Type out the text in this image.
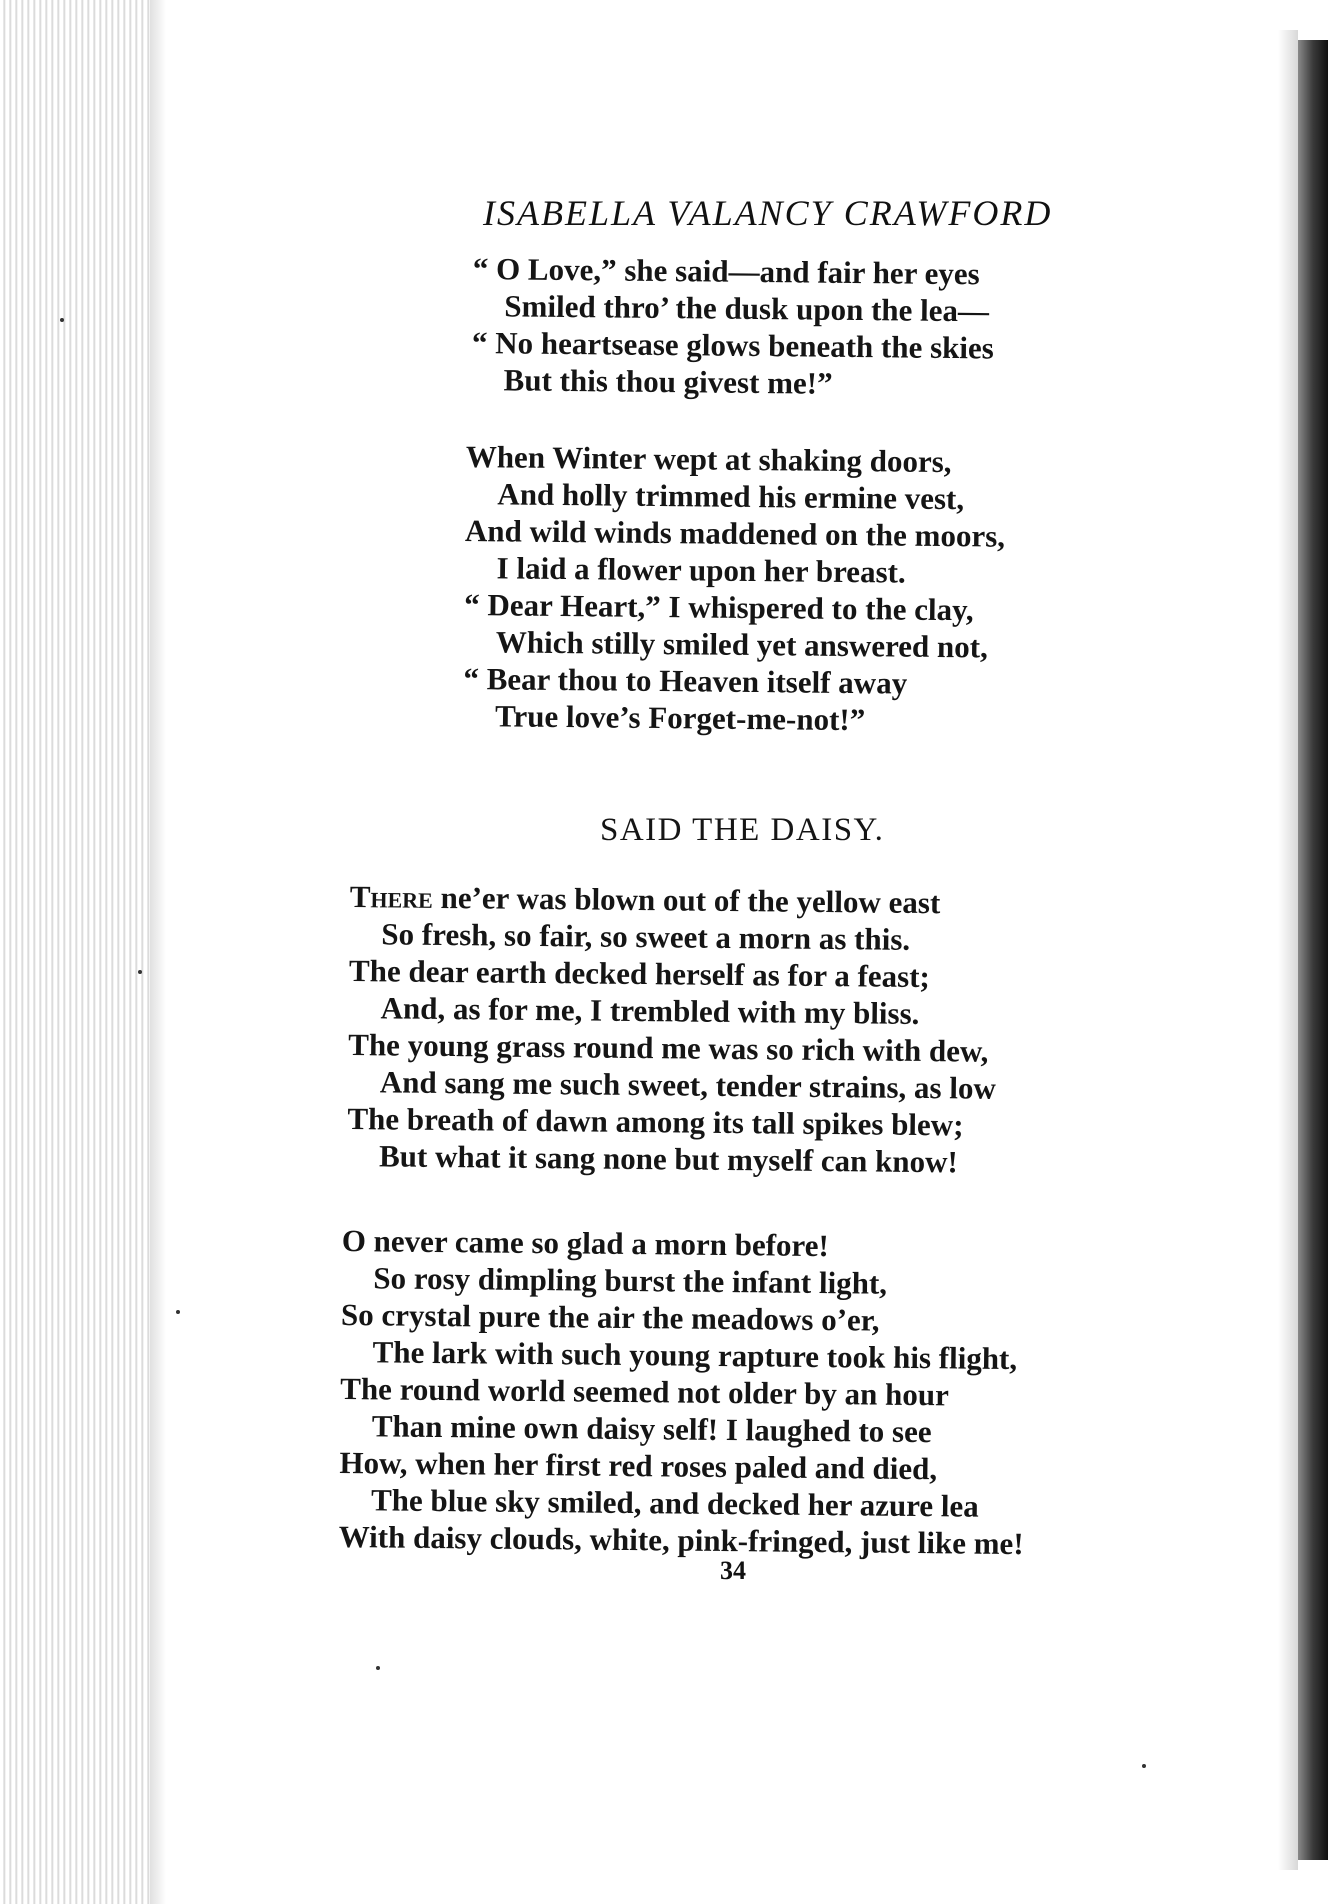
ISABELLA VALANCY CRAWFORD
“ O Love,” she said—and fair her eyes
Smiled thro’ the dusk upon the lea—
“ No heartsease glows beneath the skies
But this thou givest me!”
When Winter wept at shaking doors,
And holly trimmed his ermine vest,
And wild winds maddened on the moors,
I laid a flower upon her breast.
“ Dear Heart,” I whispered to the clay,
Which stilly smiled yet answered not,
“ Bear thou to Heaven itself away
True love’s Forget-me-not!”
SAID THE DAISY.
There ne’er was blown out of the yellow east
So fresh, so fair, so sweet a morn as this.
The dear earth decked herself as for a feast;
And, as for me, I trembled with my bliss.
The young grass round me was so rich with dew,
And sang me such sweet, tender strains, as low
The breath of dawn among its tall spikes blew;
But what it sang none but myself can know!
O never came so glad a morn before!
So rosy dimpling burst the infant light,
So crystal pure the air the meadows o’er,
The lark with such young rapture took his flight,
The round world seemed not older by an hour
Than mine own daisy self! I laughed to see
How, when her first red roses paled and died,
The blue sky smiled, and decked her azure lea
With daisy clouds, white, pink-fringed, just like me!
34
